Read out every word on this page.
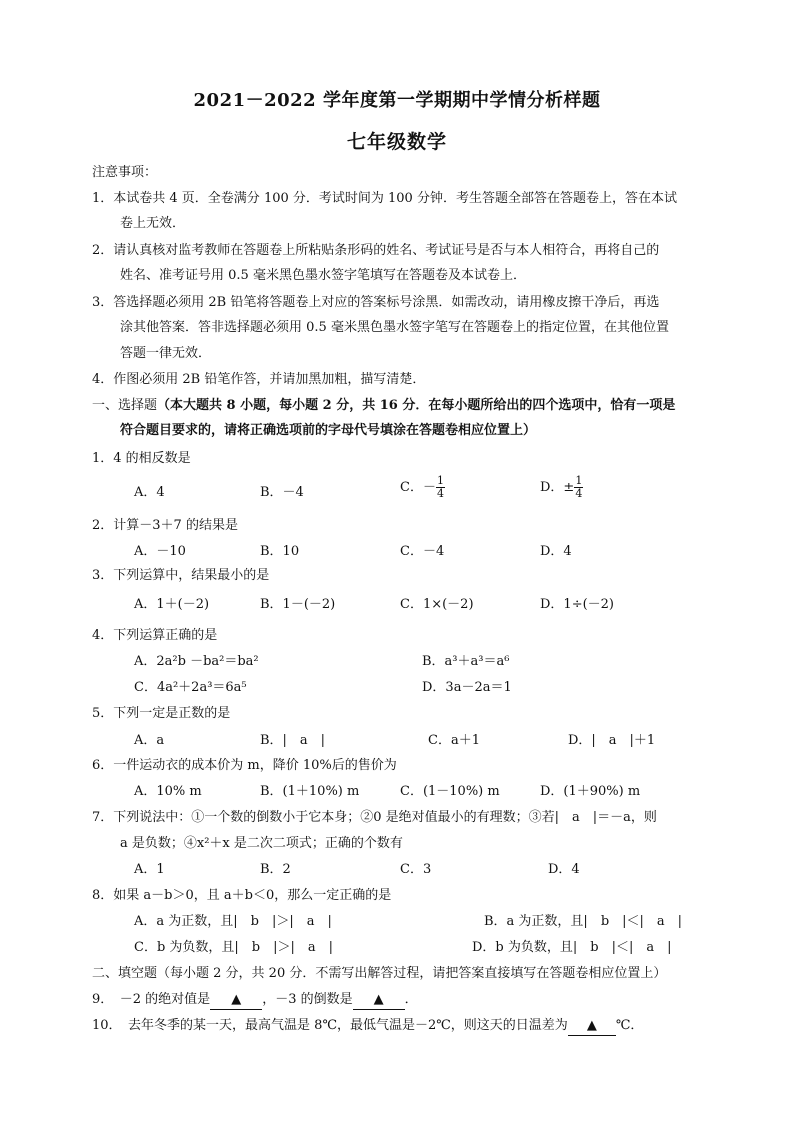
2021－2022 学年度第一学期期中学情分析样题
七年级数学
注意事项：
1．本试卷共 4 页．全卷满分 100 分．考试时间为 100 分钟．考生答题全部答在答题卷上，答在本试
卷上无效．
2．请认真核对监考教师在答题卷上所粘贴条形码的姓名、考试证号是否与本人相符合，再将自己的
姓名、准考证号用 0.5 毫米黑色墨水签字笔填写在答题卷及本试卷上．
3．答选择题必须用 2B 铅笔将答题卷上对应的答案标号涂黑．如需改动，请用橡皮擦干净后，再选
涂其他答案．答非选择题必须用 0.5 毫米黑色墨水签字笔写在答题卷上的指定位置，在其他位置
答题一律无效．
4．作图必须用 2B 铅笔作答，并请加黑加粗，描写清楚．
一、选择题（本大题共 8 小题，每小题 2 分，共 16 分．在每小题所给出的四个选项中，恰有一项是
符合题目要求的，请将正确选项前的字母代号填涂在答题卷相应位置上）
1．4 的相反数是
A．4	B．－4	C．－ $\frac{1}{4}$	D．± $\frac{1}{4}$
2．计算－3＋7 的结果是
A．－10	B．10	C．－4	D．4
3．下列运算中，结果最小的是
A．1＋(－2)	B．1－(－2)	C．1×(－2)	D．1÷(－2)
4．下列运算正确的是
A．2a²b －ba²＝ba²	B．a³＋a³＝a⁶
C．4a²＋2a³＝6a⁵	D．3a－2a＝1
5．下列一定是正数的是
A．a	B．|　a　|	C．a＋1	D．|　a　|＋1
6．一件运动衣的成本价为 m，降价 10%后的售价为
A．10% m	B．(1＋10%) m	C．(1－10%) m	D．(1＋90%) m
7．下列说法中：①一个数的倒数小于它本身；②0 是绝对值最小的有理数；③若|　a　|＝－a，则
a 是负数；④x²＋x 是二次二项式；正确的个数有
A．1	B．2	C．3	D．4
8．如果 a－b＞0，且 a＋b＜0，那么一定正确的是
A．a 为正数，且|　b　|＞|　a　|	B．a 为正数，且|　b　|＜|　a　|
C．b 为负数，且|　b　|＞|　a　|	D．b 为负数，且|　b　|＜|　a　|
二、填空题（每小题 2 分，共 20 分．不需写出解答过程，请把答案直接填写在答题卷相应位置上）
9．　－2 的绝对值是 ▲ ，－3 的倒数是 ▲ ．
10．　去年冬季的某一天，最高气温是 8℃，最低气温是－2℃，则这天的日温差为 ▲ ℃．
